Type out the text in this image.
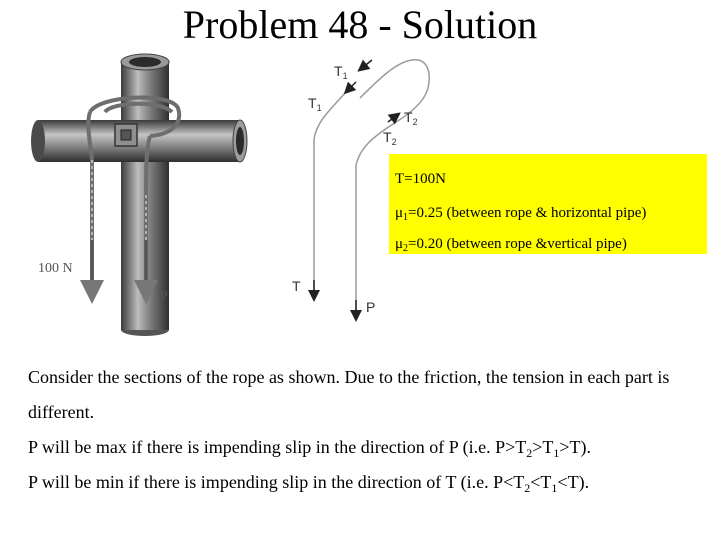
Problem 48 - Solution
100 N
P
$T_1$
$T_1$
$T_2$
$T_2$
T
P
T=100N
$\mu_1=0.25$ (between rope & horizontal pipe)
$\mu_2=0.20$ (between rope &vertical pipe)

Consider the sections of the rope as shown. Due to the friction, the tension in each part is different.

P will be max if there is impending slip in the direction of P (i.e. $P>T_2>T_1>T$).

P will be min if there is impending slip in the direction of T (i.e. $P<T_2<T_1<T$).
